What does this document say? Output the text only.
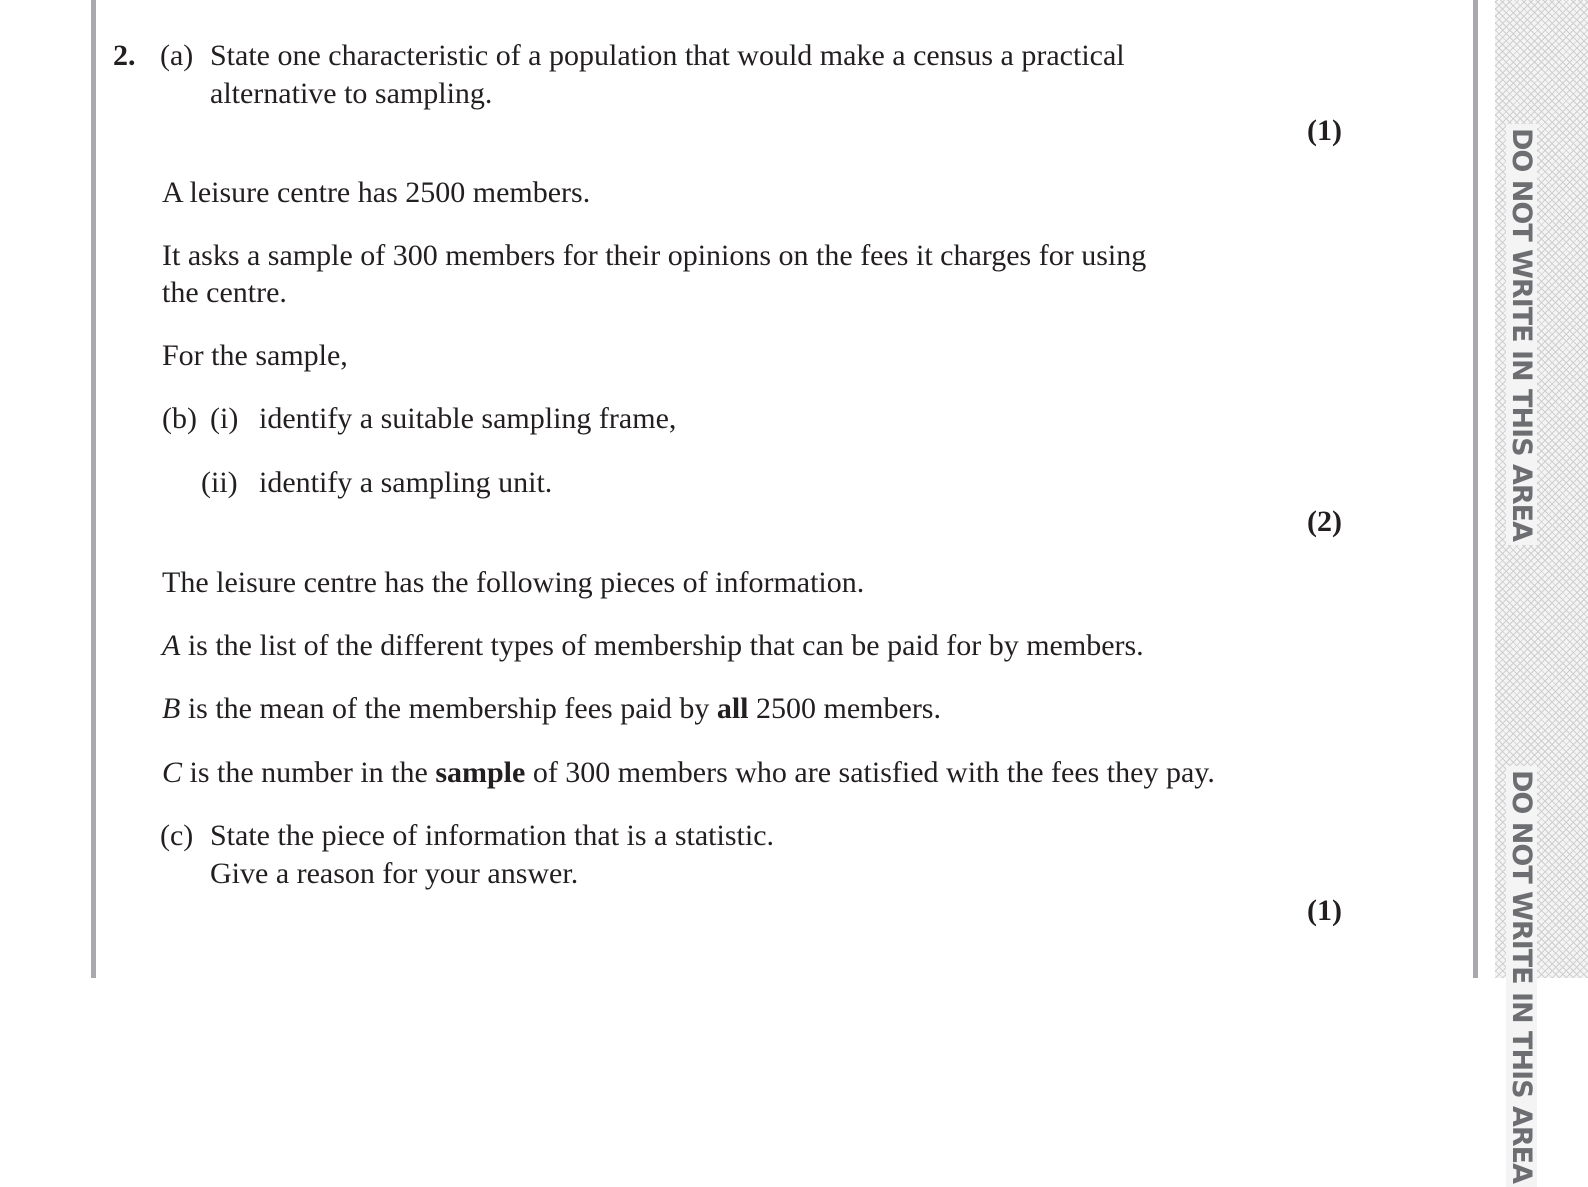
DO NOT WRITE IN THIS AREA
DO NOT WRITE IN THIS AREA
2. (a) State one characteristic of a population that would make a census a practical
alternative to sampling.
(1)
A leisure centre has 2500 members.
It asks a sample of 300 members for their opinions on the fees it charges for using
the centre.
For the sample,
(b) (i) identify a suitable sampling frame,
(ii) identify a sampling unit.
(2)
The leisure centre has the following pieces of information.
A is the list of the different types of membership that can be paid for by members.
B is the mean of the membership fees paid by all 2500 members.
C is the number in the sample of 300 members who are satisfied with the fees they pay.
(c) State the piece of information that is a statistic.
Give a reason for your answer.
(1)
